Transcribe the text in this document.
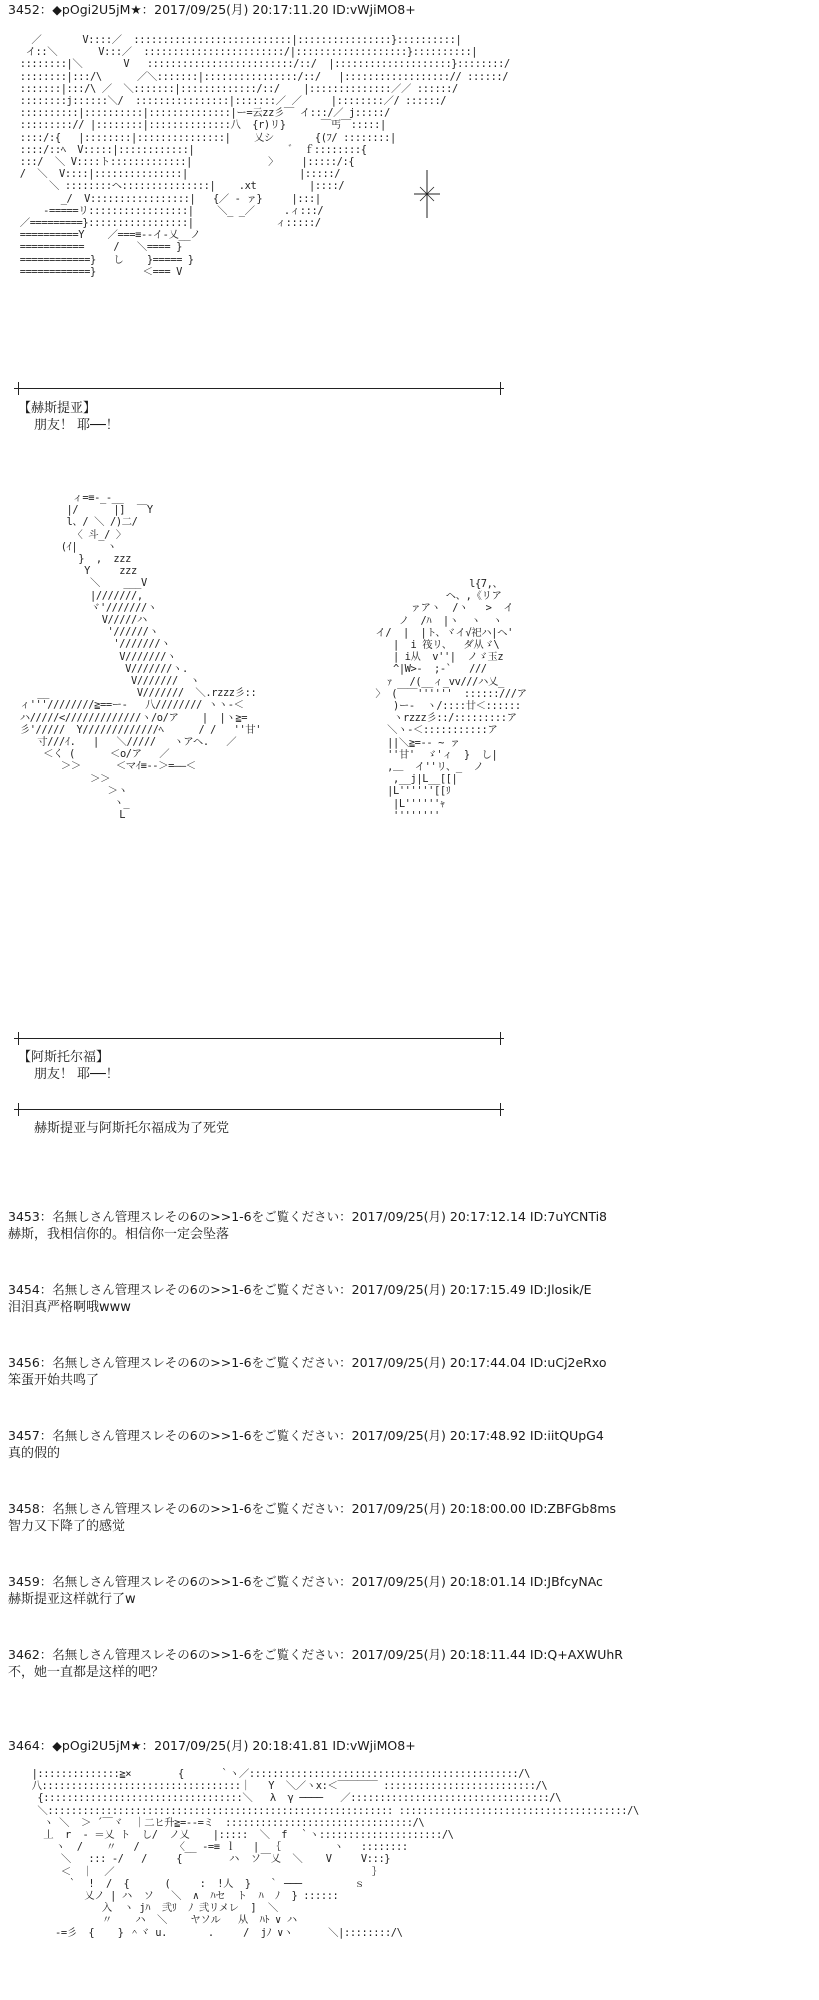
3452：◆pOgi2U5jM★：2017/09/25(月) 20:17:11.20 ID:vWjiMO8+
／       V::::／  :::::::::::::::::::::::::::|::::::::::::::::}::::::::::|
イ::＼       V:::／  ::::::::::::::::::::::::/|:::::::::::::::::::}::::::::::|
::::::::|＼       V   :::::::::::::::::::::::::/::/  |::::::::::::::::::::}::::::::/
::::::::|:::/\      ／＼:::::::|::::::::::::::::/::/   |::::::::::::::::::// ::::::/
:::::::|:::/\ ／  ＼:::::::|:::::::::::::/::/    |::::::::::::::／／ ::::::/
::::::::j::::::＼/  ::::::::::::::::|:::::::／ ／     |::::::::／/ ::::::/
::::::::::|::::::::::|::::::::::::::|ー=云zz彡￣ イ:::/／ j:::::/
:::::::::// |::::::::|::::::::::::::八  {r)リ}      ￣丐￣:::::|
::::/:{   |::::::::|:::::::::::::::|    乂シ       {(ﾌ/ ::::::::|
::::/::ﾍ  V:::::|::::::::::::|                ゛ ｆ::::::::{
:::/  ＼ V::::ト:::::::::::::|             〉    |:::::/:{
/  ＼  V::::|:::::::::::::::|                   |:::::/
＼ ::::::::ヘ:::::::::::::::|    .xt         |::::/
_/  V:::::::::::::::::|   {／ ‐ ァ}     |:::|
‐=====リ:::::::::::::::::|    ＼_ _／     .ィ:::/
／=========}:::::::::::::::::|              ィ:::::/
==========Y    ／===≡--イ‐乂__ノ
===========     /   ＼==== }
============}   し    }===== }
============}        ＜=== V
【赫斯提亚】
朋友！ 耶──！
ィ=≡‐_‐__
|/      |]  ￣Y
l、/ ＼ /)二/
〈 斗_/ 〉
(ｲ|     ヽ
}  ,  zzz
Y     zzz
＼    ___V
|///////,
ヾ'///////ヽ
V/////ハ
'//////ヽ
'///////ヽ
V///////ヽ
V///////ヽ.
V///////  ヽ
__               V///////  ＼.rzzz彡::
ィ'''////////≧==ー-   八//////// ヽヽ‐＜
ハ/////</////////////ヽ/o/ア    |  |ヽ≧=
彡'/////  Y/////////////ﾍ      / /   ''甘'
寸///ｲ.   |   ＼/////   ヽアヘ.   ／
＜く (      ＜o/ア   ／
＞＞      ＜マｲ≡‐‐＞=――＜
＞＞
＞ヽ
ヽ_
L
l{7,、
ヘ、,《リア
ァアヽ  /ヽ   >  イ
ノ  /ﾊ  |ヽ  ヽ  ヽ
イ/  |  |ト、ヾイ√祀ハ|ヘ'
|  i 筏リ、  ダ从ゞ\
| i从  v''|  ノゞ玉z
^|W>-  ;-`   ///
ｧ   /(__ィ_vv///ハ乂_
〉 (￣￣''''''  ::::::///ア
)ー‐  ヽ/::::廿＜::::::
ヽrzzz彡::/:::::::::ア
＼ヽ‐＜:::::::::::ア
||＼≧=‐‐ ~ ァ
''甘'  ゞ'ィ  }  し|
,＿  イ''リ、_  ノ
,__j|L__[[|
|L''''''[[ﾘ
|L''''''ｬ
''''''''
【阿斯托尔福】
朋友！ 耶──！
赫斯提亚与阿斯托尔福成为了死党
3453：名無しさん管理スレその6の>>1-6をご覧ください：2017/09/25(月) 20:17:12.14 ID:7uYCNTi8
赫斯，我相信你的。相信你一定会坠落
3454：名無しさん管理スレその6の>>1-6をご覧ください：2017/09/25(月) 20:17:15.49 ID:Jlosik/E
泪泪真严格啊哦www
3456：名無しさん管理スレその6の>>1-6をご覧ください：2017/09/25(月) 20:17:44.04 ID:uCj2eRxo
笨蛋开始共鸣了
3457：名無しさん管理スレその6の>>1-6をご覧ください：2017/09/25(月) 20:17:48.92 ID:iitQUpG4
真的假的
3458：名無しさん管理スレその6の>>1-6をご覧ください：2017/09/25(月) 20:18:00.00 ID:ZBFGb8ms
智力又下降了的感觉
3459：名無しさん管理スレその6の>>1-6をご覧ください：2017/09/25(月) 20:18:01.14 ID:JBfcyNAc
赫斯提亚这样就行了w
3462：名無しさん管理スレその6の>>1-6をご覧ください：2017/09/25(月) 20:18:11.44 ID:Q+AXWUhR
不，她一直都是这样的吧？
3464：◆pOgi2U5jM★：2017/09/25(月) 20:18:41.81 ID:vWjiMO8+
|::::::::::::::≧×        {      ｀ヽ／::::::::::::::::::::::::::::::::::::::::::::::/\
八::::::::::::::::::::::::::::::::::｜   Y  ＼／ヽx:＜￣￣￣￣ ::::::::::::::::::::::::::/\
{::::::::::::::::::::::::::::::::::＼   λ  γ ────   ／::::::::::::::::::::::::::::::::::/\
＼::::::::::::::::::::::::::::::::::::::::::::::::::::::::::: :::::::::::::::::::::::::::::::::::::::/\
ヽ ＼  ＞ ´￣ヾ  ｜二ヒ升≧=-‐=ミ  ::::::::::::::::::::::::::::::::/\
丄  r  ‐ ＝乂 ト  し/  ノ乂    |:::::  ＼  f  ｀ヽ:::::::::::::::::::::/\
ヽ  /    〃   /      〈__ ‐=≡ ｌ   |  ｛         ヽ   ::::::::
＼   ::: -/   /     {        ハ  ソ￣乂  ＼    V     V:::}
＜  ｜  ／                                            ｝
｀  !  /  {      (     :  !人  }   ｀ ───         ｓ
乂ノ | ハ  ソ   ＼  ∧  ﾊセ  ト  ﾊ  ﾉ  } ::::::
入  ヽ jﾊ  弐ﾘ  ﾉ 弐リメレ  ]  ＼
〃    ハ  ＼    ヤソル   从  ﾊﾄ ∨ ハ
‐=彡  {    } ＾ヾ u.       .     /  jﾉ ∨ヽ      ＼|::::::::/\
